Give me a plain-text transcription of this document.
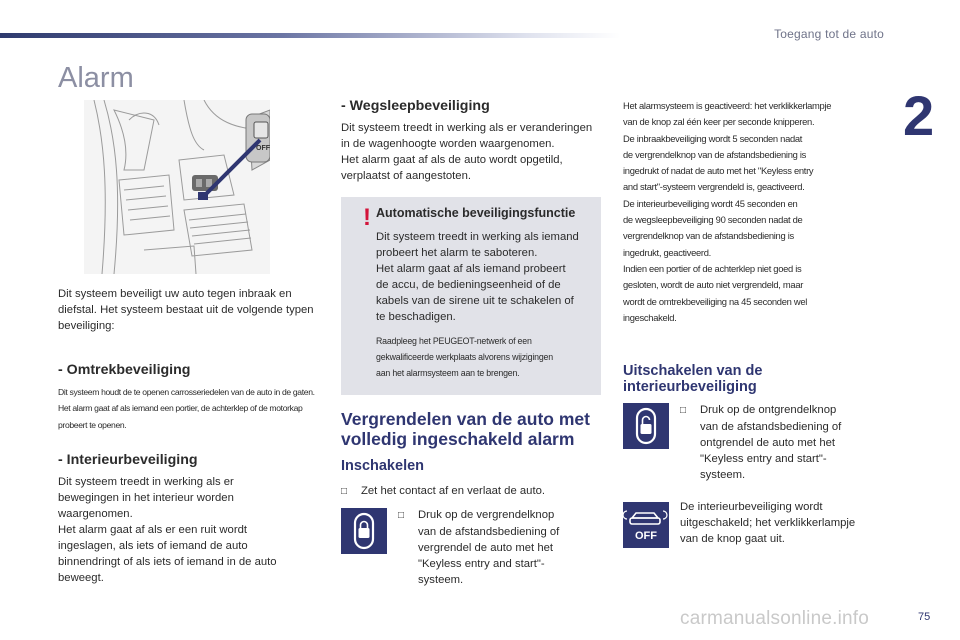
Toegang tot de auto
2
Alarm
OFF
Dit systeem beveiligt uw auto tegen inbraak en diefstal. Het systeem bestaat uit de volgende typen beveiliging:
- Omtrekbeveiliging
Dit systeem houdt de te openen carrosseriedelen van de auto in de gaten.
Het alarm gaat af als iemand een portier, de achterklep of de motorkap
probeert te openen.
- Interieurbeveiliging
Dit systeem treedt in werking als er
bewegingen in het interieur worden
waargenomen.
Het alarm gaat af als er een ruit wordt
ingeslagen, als iets of iemand de auto
binnendringt of als iets of iemand in de auto
beweegt.
- Wegsleepbeveiliging
Dit systeem treedt in werking als er veranderingen
in de wagenhoogte worden waargenomen.
Het alarm gaat af als de auto wordt opgetild,
verplaatst of aangestoten.
! Automatische beveiligingsfunctie
Dit systeem treedt in werking als iemand
probeert het alarm te saboteren.
Het alarm gaat af als iemand probeert
de accu, de bedieningseenheid of de
kabels van de sirene uit te schakelen of
te beschadigen.
Raadpleeg het PEUGEOT-netwerk of een
gekwalificeerde werkplaats alvorens wijzigingen
aan het alarmsysteem aan te brengen.
Vergrendelen van de auto met
volledig ingeschakeld alarm
Inschakelen
□ Zet het contact af en verlaat de auto.
□ Druk op de vergrendelknop
van de afstandsbediening of
vergrendel de auto met het
"Keyless entry and start"-
systeem.
Het alarmsysteem is geactiveerd: het verklikkerlampje
van de knop zal één keer per seconde knipperen.
De inbraakbeveiliging wordt 5 seconden nadat
de vergrendelknop van de afstandsbediening is
ingedrukt of nadat de auto met het "Keyless entry
and start"-systeem vergrendeld is, geactiveerd.
De interieurbeveiliging wordt 45 seconden en
de wegsleepbeveiliging 90 seconden nadat de
vergrendelknop van de afstandsbediening is
ingedrukt, geactiveerd.
Indien een portier of de achterklep niet goed is
gesloten, wordt de auto niet vergrendeld, maar
wordt de omtrekbeveiliging na 45 seconden wel
ingeschakeld.
Uitschakelen van de
interieurbeveiliging
□ Druk op de ontgrendelknop
van de afstandsbediening of
ontgrendel de auto met het
"Keyless entry and start"-
systeem.
OFF
De interieurbeveiliging wordt
uitgeschakeld; het verklikkerlampje
van de knop gaat uit.
carmanualsonline.info	75
